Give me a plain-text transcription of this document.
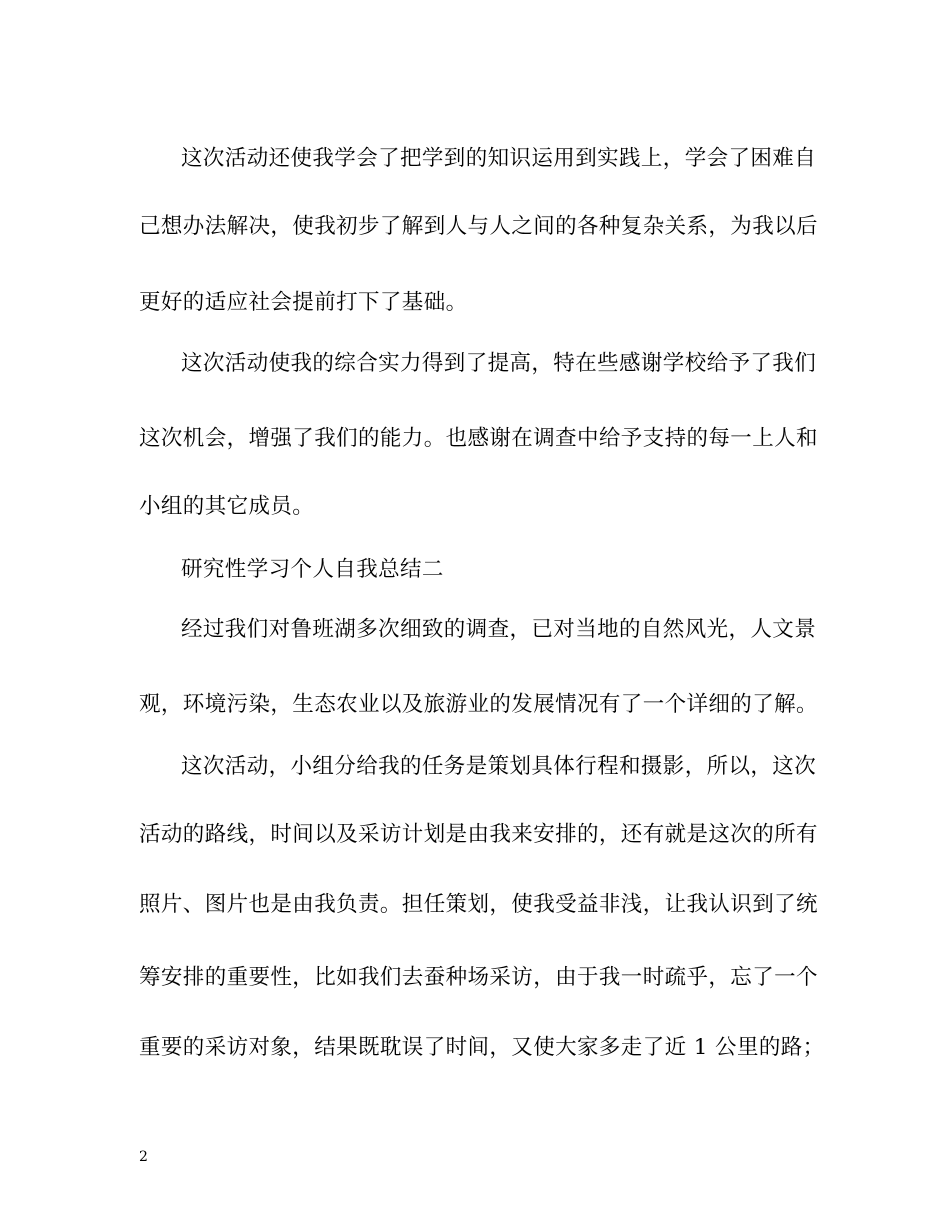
这次活动还使我学会了把学到的知识运用到实践上，学会了困难自
己想办法解决，使我初步了解到人与人之间的各种复杂关系，为我以后
更好的适应社会提前打下了基础。
这次活动使我的综合实力得到了提高，特在些感谢学校给予了我们
这次机会，增强了我们的能力。也感谢在调查中给予支持的每一上人和
小组的其它成员。
研究性学习个人自我总结二
经过我们对鲁班湖多次细致的调查，已对当地的自然风光，人文景
观，环境污染，生态农业以及旅游业的发展情况有了一个详细的了解。
这次活动，小组分给我的任务是策划具体行程和摄影，所以，这次
活动的路线，时间以及采访计划是由我来安排的，还有就是这次的所有
照片、图片也是由我负责。担任策划，使我受益非浅，让我认识到了统
筹安排的重要性，比如我们去蚕种场采访，由于我一时疏乎，忘了一个
重要的采访对象，结果既耽误了时间，又使大家多走了近 1 公里的路；
2
